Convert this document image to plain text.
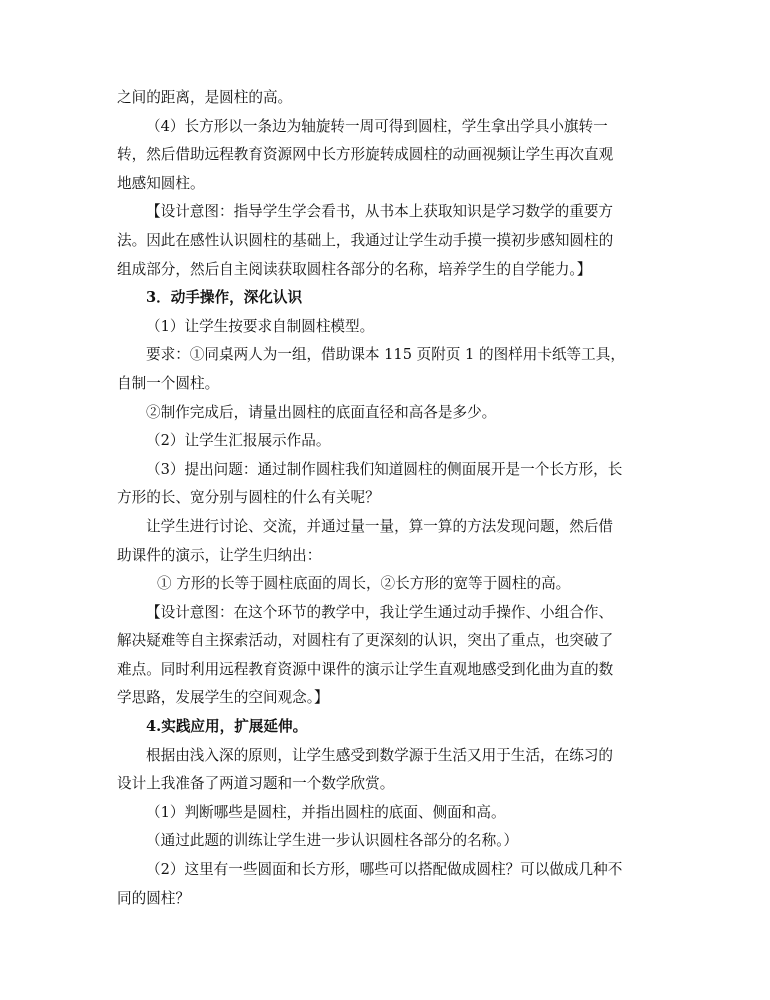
之间的距离，是圆柱的高。
（4）长方形以一条边为轴旋转一周可得到圆柱，学生拿出学具小旗转一
转，然后借助远程教育资源网中长方形旋转成圆柱的动画视频让学生再次直观
地感知圆柱。
【设计意图：指导学生学会看书，从书本上获取知识是学习数学的重要方
法。因此在感性认识圆柱的基础上，我通过让学生动手摸一摸初步感知圆柱的
组成部分，然后自主阅读获取圆柱各部分的名称，培养学生的自学能力。】
3．动手操作，深化认识
（1）让学生按要求自制圆柱模型。
要求：①同桌两人为一组，借助课本 115 页附页 1 的图样用卡纸等工具，
自制一个圆柱。
②制作完成后，请量出圆柱的底面直径和高各是多少。
（2）让学生汇报展示作品。
（3）提出问题：通过制作圆柱我们知道圆柱的侧面展开是一个长方形，长
方形的长、宽分别与圆柱的什么有关呢？
让学生进行讨论、交流，并通过量一量，算一算的方法发现问题，然后借
助课件的演示，让学生归纳出：
① 方形的长等于圆柱底面的周长，②长方形的宽等于圆柱的高。
【设计意图：在这个环节的教学中，我让学生通过动手操作、小组合作、
解决疑难等自主探索活动，对圆柱有了更深刻的认识，突出了重点，也突破了
难点。同时利用远程教育资源中课件的演示让学生直观地感受到化曲为直的数
学思路，发展学生的空间观念。】
4.实践应用，扩展延伸。
根据由浅入深的原则，让学生感受到数学源于生活又用于生活，在练习的
设计上我准备了两道习题和一个数学欣赏。
（1）判断哪些是圆柱，并指出圆柱的底面、侧面和高。
（通过此题的训练让学生进一步认识圆柱各部分的名称。）
（2）这里有一些圆面和长方形，哪些可以搭配做成圆柱？可以做成几种不
同的圆柱？
